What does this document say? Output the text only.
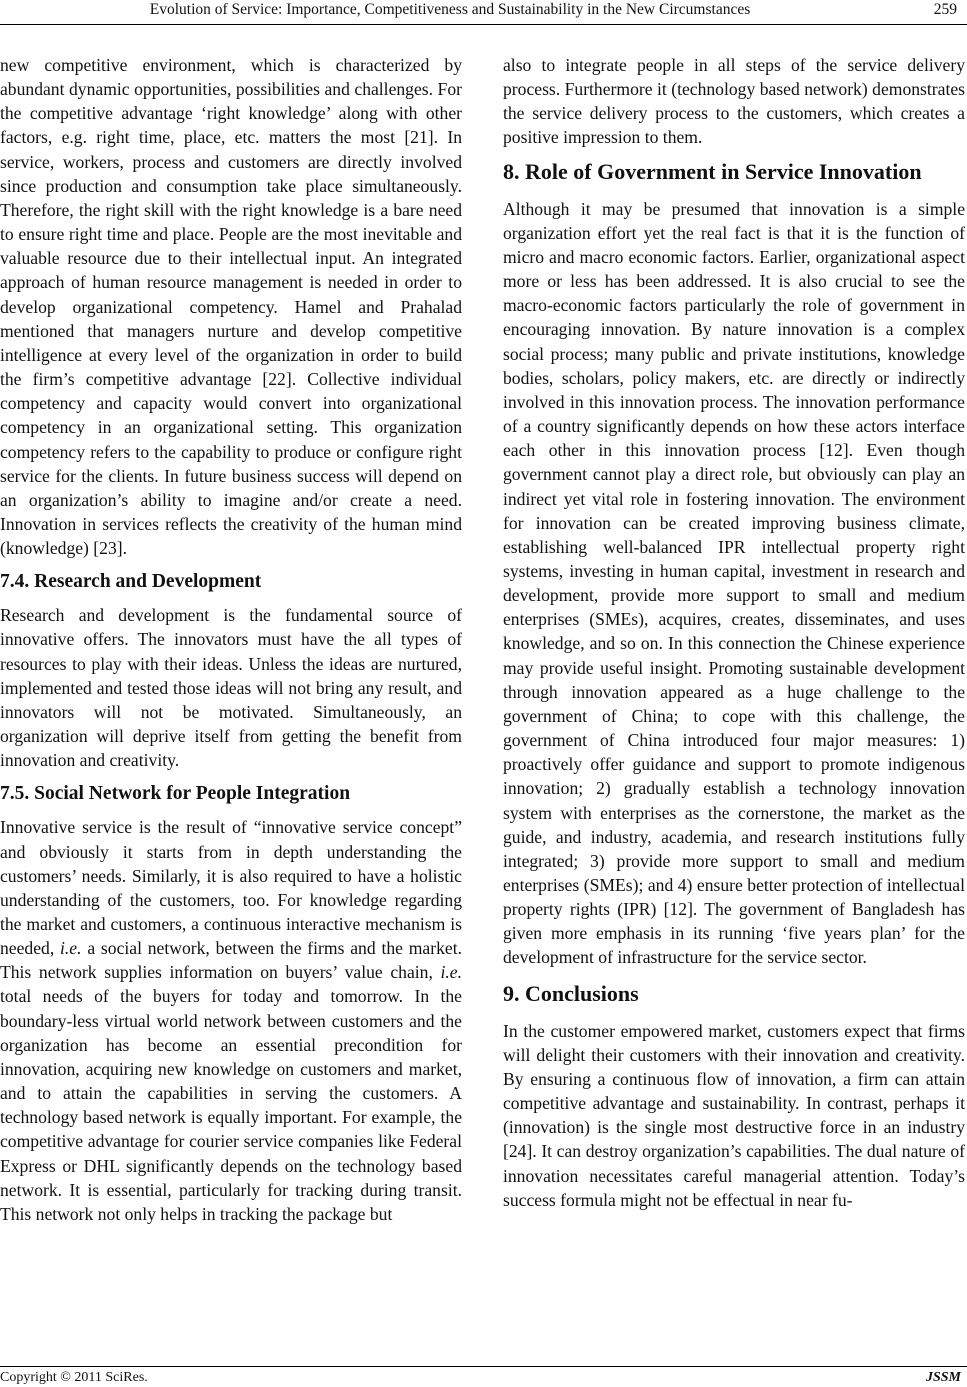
Evolution of Service: Importance, Competitiveness and Sustainability in the New Circumstances	259

new competitive environment, which is characterized by abundant dynamic opportunities, possibilities and challenges. For the competitive advantage ‘right knowledge’ along with other factors, e.g. right time, place, etc. matters the most [21]. In service, workers, process and customers are directly involved since production and consumption take place simultaneously. Therefore, the right skill with the right knowledge is a bare need to ensure right time and place. People are the most inevitable and valuable resource due to their intellectual input. An integrated approach of human resource management is needed in order to develop organizational competency. Hamel and Prahalad mentioned that managers nurture and develop competitive intelligence at every level of the organization in order to build the firm’s competitive advantage [22]. Collective individual competency and capacity would convert into organizational competency in an organizational setting. This organization competency refers to the capability to produce or configure right service for the clients. In future business success will depend on an organization’s ability to imagine and/or create a need. Innovation in services reflects the creativity of the human mind (knowledge) [23].

7.4. Research and Development

Research and development is the fundamental source of innovative offers. The innovators must have the all types of resources to play with their ideas. Unless the ideas are nurtured, implemented and tested those ideas will not bring any result, and innovators will not be motivated. Simultaneously, an organization will deprive itself from getting the benefit from innovation and creativity.

7.5. Social Network for People Integration

Innovative service is the result of “innovative service concept” and obviously it starts from in depth understanding the customers’ needs. Similarly, it is also required to have a holistic understanding of the customers, too. For knowledge regarding the market and customers, a continuous interactive mechanism is needed, i.e. a social network, between the firms and the market. This network supplies information on buyers’ value chain, i.e. total needs of the buyers for today and tomorrow. In the boundary-less virtual world network between customers and the organization has become an essential precondition for innovation, acquiring new knowledge on customers and market, and to attain the capabilities in serving the customers. A technology based network is equally important. For example, the competitive advantage for courier service companies like Federal Express or DHL significantly depends on the technology based network. It is essential, particularly for tracking during transit. This network not only helps in tracking the package but

also to integrate people in all steps of the service delivery process. Furthermore it (technology based network) demonstrates the service delivery process to the customers, which creates a positive impression to them.

8. Role of Government in Service Innovation

Although it may be presumed that innovation is a simple organization effort yet the real fact is that it is the function of micro and macro economic factors. Earlier, organizational aspect more or less has been addressed. It is also crucial to see the macro-economic factors particularly the role of government in encouraging innovation. By nature innovation is a complex social process; many public and private institutions, knowledge bodies, scholars, policy makers, etc. are directly or indirectly involved in this innovation process. The innovation performance of a country significantly depends on how these actors interface each other in this innovation process [12]. Even though government cannot play a direct role, but obviously can play an indirect yet vital role in fostering innovation. The environment for innovation can be created improving business climate, establishing well-balanced IPR intellectual property right systems, investing in human capital, investment in research and development, provide more support to small and medium enterprises (SMEs), acquires, creates, disseminates, and uses knowledge, and so on. In this connection the Chinese experience may provide useful insight. Promoting sustainable development through innovation appeared as a huge challenge to the government of China; to cope with this challenge, the government of China introduced four major measures: 1) proactively offer guidance and support to promote indigenous innovation; 2) gradually establish a technology innovation system with enterprises as the cornerstone, the market as the guide, and industry, academia, and research institutions fully integrated; 3) provide more support to small and medium enterprises (SMEs); and 4) ensure better protection of intellectual property rights (IPR) [12]. The government of Bangladesh has given more emphasis in its running ‘five years plan’ for the development of infrastructure for the service sector.

9. Conclusions

In the customer empowered market, customers expect that firms will delight their customers with their innovation and creativity. By ensuring a continuous flow of innovation, a firm can attain competitive advantage and sustainability. In contrast, perhaps it (innovation) is the single most destructive force in an industry [24]. It can destroy organization’s capabilities. The dual nature of innovation necessitates careful managerial attention. Today’s success formula might not be effectual in near fu-

Copyright © 2011 SciRes.	JSSM
